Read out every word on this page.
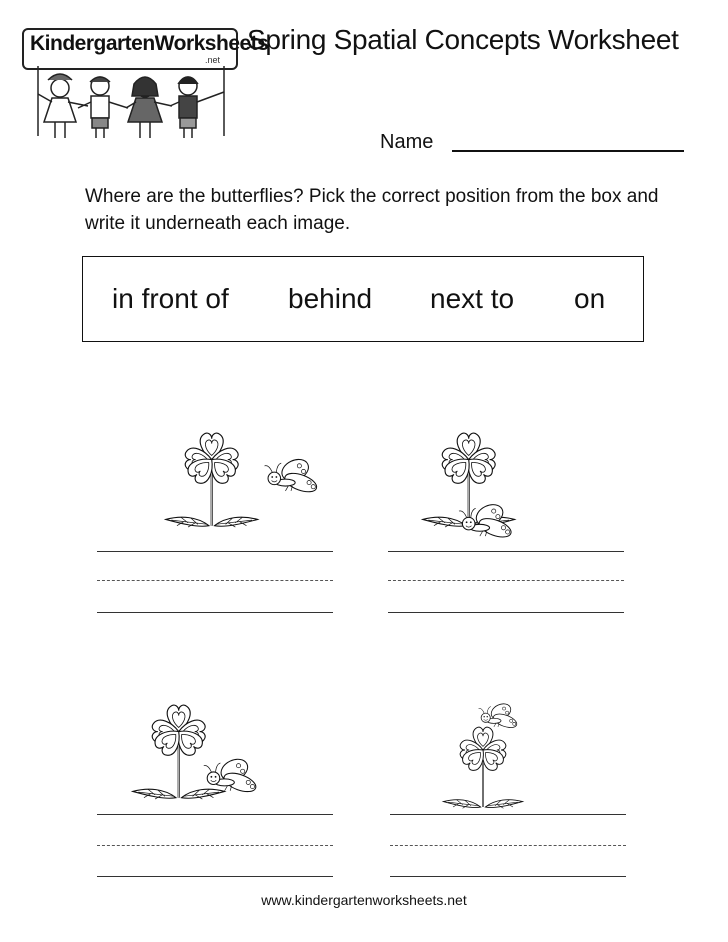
KindergartenWorksheets
.net
Spring Spatial Concepts Worksheet
Name
Where are the butterflies? Pick the correct position from the box and write it underneath each image.
in front of behind next to on
www.kindergartenworksheets.net
